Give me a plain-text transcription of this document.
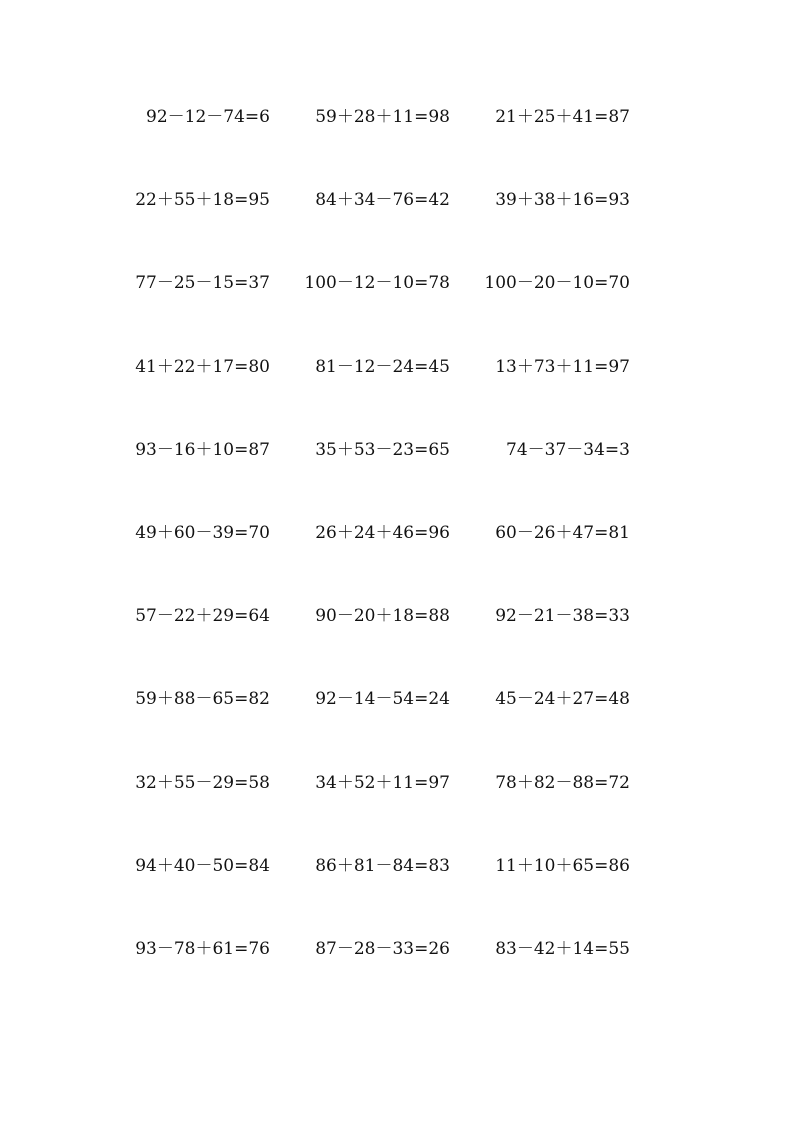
92－12－74=6	59＋28＋11=98	21＋25＋41=87
22＋55＋18=95	84＋34－76=42	39＋38＋16=93
77－25－15=37	100－12－10=78	100－20－10=70
41＋22＋17=80	81－12－24=45	13＋73＋11=97
93－16＋10=87	35＋53－23=65	74－37－34=3
49＋60－39=70	26＋24＋46=96	60－26＋47=81
57－22＋29=64	90－20＋18=88	92－21－38=33
59＋88－65=82	92－14－54=24	45－24＋27=48
32＋55－29=58	34＋52＋11=97	78＋82－88=72
94＋40－50=84	86＋81－84=83	11＋10＋65=86
93－78＋61=76	87－28－33=26	83－42＋14=55
